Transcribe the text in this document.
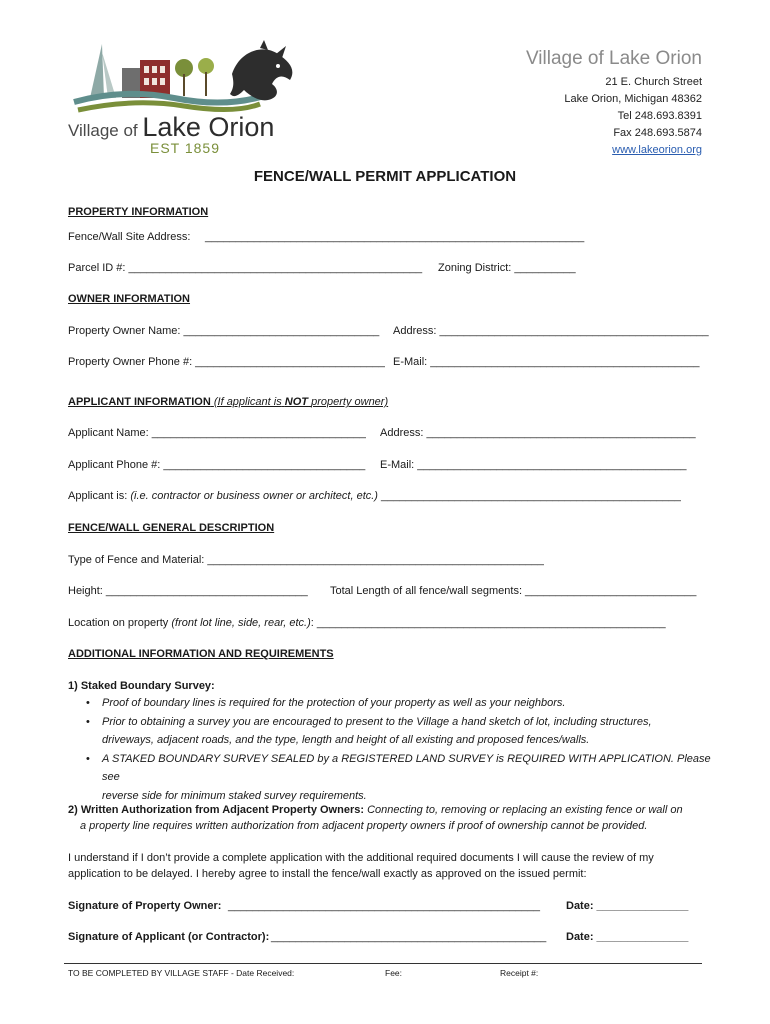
Village of Lake Orion
EST 1859
Village of Lake Orion
21 E. Church Street
Lake Orion, Michigan 48362
Tel 248.693.8391
Fax 248.693.5874
www.lakeorion.org
FENCE/WALL PERMIT APPLICATION
PROPERTY INFORMATION
Fence/Wall Site Address: ______________________________________________________________
Parcel ID #: ________________________________________________ Zoning District: __________
OWNER INFORMATION
Property Owner Name: ________________________________ Address: ____________________________________________
Property Owner Phone #: _______________________________ E-Mail: ____________________________________________
APPLICANT INFORMATION (If applicant is NOT property owner)
Applicant Name: ___________________________________ Address: ____________________________________________
Applicant Phone #: _________________________________ E-Mail: ____________________________________________
Applicant is: (i.e. contractor or business owner or architect, etc.) _________________________________________________
FENCE/WALL GENERAL DESCRIPTION
Type of Fence and Material: _______________________________________________________
Height: _________________________________ Total Length of all fence/wall segments: ____________________________
Location on property (front lot line, side, rear, etc.): _________________________________________________________
ADDITIONAL INFORMATION AND REQUIREMENTS
1) Staked Boundary Survey:
• Proof of boundary lines is required for the protection of your property as well as your neighbors.
• Prior to obtaining a survey you are encouraged to present to the Village a hand sketch of lot, including structures,
driveways, adjacent roads, and the type, length and height of all existing and proposed fences/walls.
• A STAKED BOUNDARY SURVEY SEALED by a REGISTERED LAND SURVEY is REQUIRED WITH APPLICATION. Please see
reverse side for minimum staked survey requirements.
2) Written Authorization from Adjacent Property Owners: Connecting to, removing or replacing an existing fence or wall on
a property line requires written authorization from adjacent property owners if proof of ownership cannot be provided.
I understand if I don’t provide a complete application with the additional required documents I will cause the review of my
application to be delayed. I hereby agree to install the fence/wall exactly as approved on the issued permit:
Signature of Property Owner: ___________________________________________________ Date: _______________
Signature of Applicant (or Contractor): _____________________________________________ Date: _______________
TO BE COMPLETED BY VILLAGE STAFF - Date Received:	Fee:	Receipt #:
